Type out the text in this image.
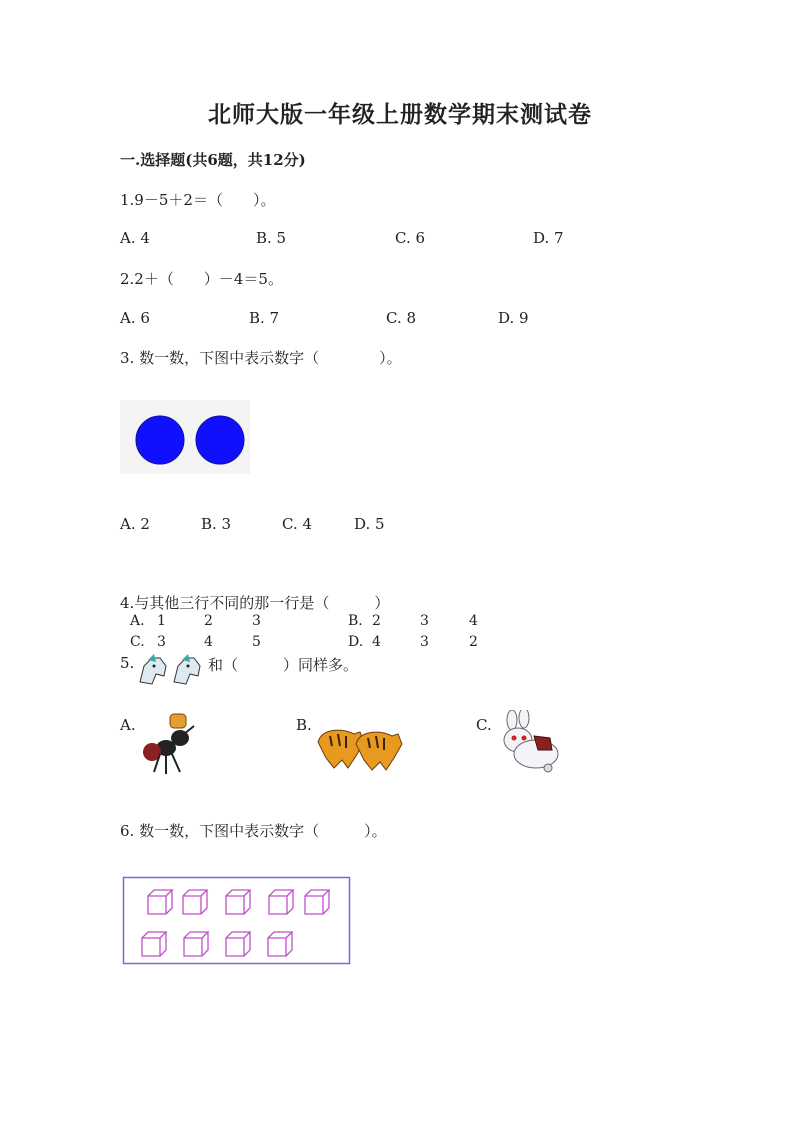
北师大版一年级上册数学期末测试卷
一.选择题(共6题，共12分)
1.9－5＋2＝（　　）。
A. 4	B. 5	C. 6	D. 7
2.2＋（　　）－4＝5。
A. 6	B. 7	C. 8	D. 9
3. 数一数，下图中表示数字（　　　　）。
A. 2	B. 3	C. 4	D. 5
4.与其他三行不同的那一行是（　　　）
A. 1	2	3	B. 2	3	4
C. 3	4	5	D. 4	3	2
5.	和（　　　）同样多。
A.	B.	C.
6. 数一数，下图中表示数字（　　　）。
